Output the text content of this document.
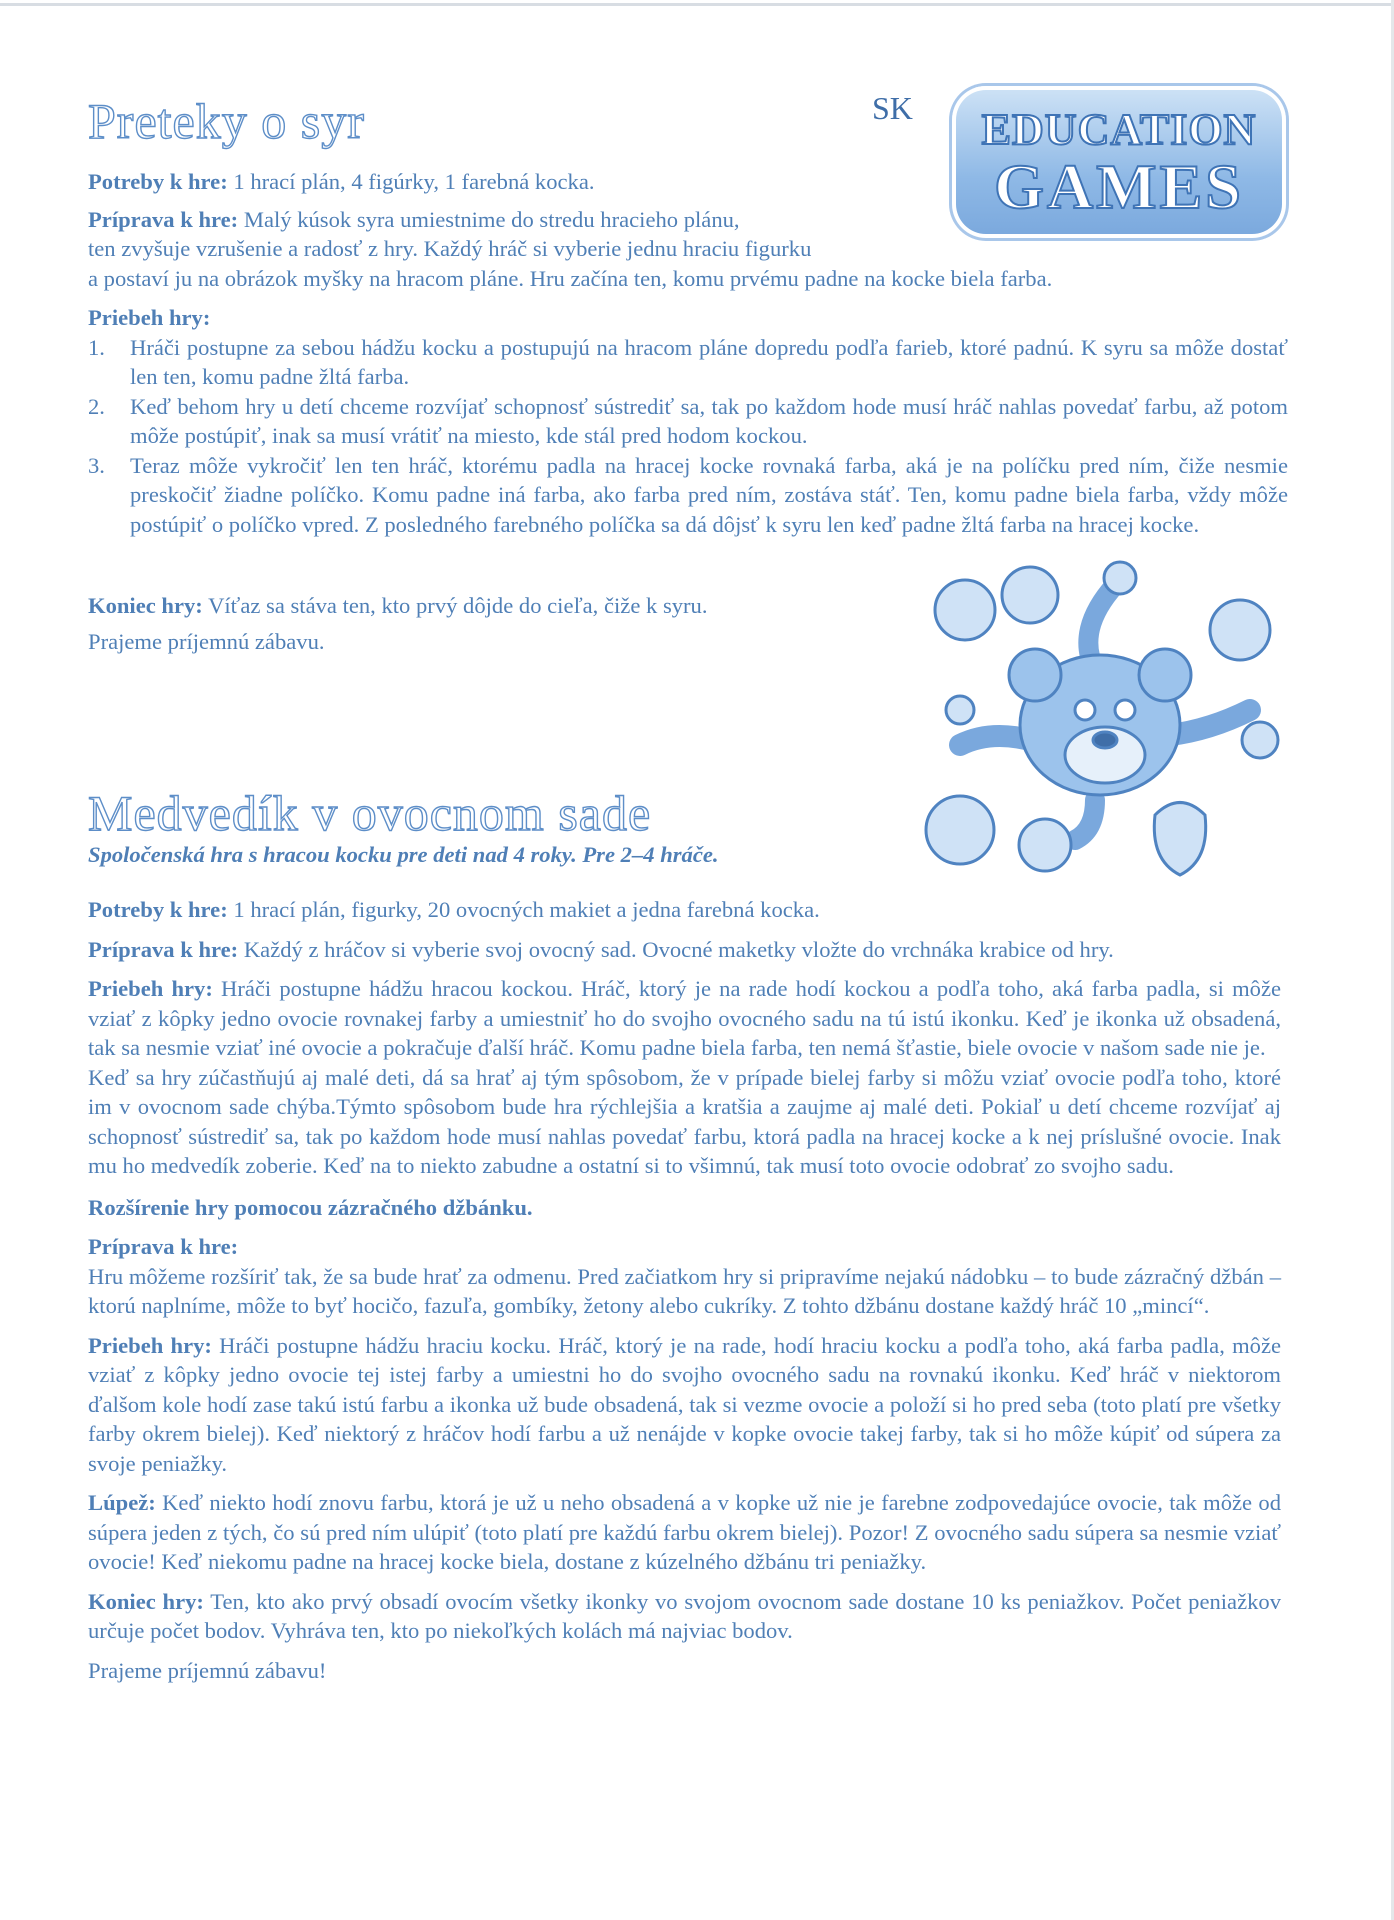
EDUCATION
GAMES
Preteky o syr	SK

Potreby k hre: 1 hrací plán, 4 figúrky, 1 farebná kocka.

Príprava k hre: Malý kúsok syra umiestnime do stredu hracieho plánu,

ten zvyšuje vzrušenie a radosť z hry. Každý hráč si vyberie jednu hraciu figurku

a postaví ju na obrázok myšky na hracom pláne. Hru začína ten, komu prvému padne na kocke biela farba.

Priebeh hry:

1. Hráči postupne za sebou hádžu kocku a postupujú na hracom pláne dopredu podľa farieb, ktoré padnú. K syru sa môže dostať len ten, komu padne žltá farba.
2. Keď behom hry u detí chceme rozvíjať schopnosť sústrediť sa, tak po každom hode musí hráč nahlas povedať farbu, až potom môže postúpiť, inak sa musí vrátiť na miesto, kde stál pred hodom kockou.
3. Teraz môže vykročiť len ten hráč, ktorému padla na hracej kocke rovnaká farba, aká je na políčku pred ním, čiže nesmie preskočiť žiadne políčko. Komu padne iná farba, ako farba pred ním, zostáva stáť. Ten, komu padne biela farba, vždy môže postúpiť o políčko vpred. Z posledného farebného políčka sa dá dôjsť k syru len keď padne žltá farba na hracej kocke.

Koniec hry: Víťaz sa stáva ten, kto prvý dôjde do cieľa, čiže k syru.

Prajeme príjemnú zábavu.

Medvedík v ovocnom sade

Spoločenská hra s hracou kocku pre deti nad 4 roky. Pre 2–4 hráče.

Potreby k hre: 1 hrací plán, figurky, 20 ovocných makiet a jedna farebná kocka.

Príprava k hre: Každý z hráčov si vyberie svoj ovocný sad. Ovocné maketky vložte do vrchnáka krabice od hry.

Priebeh hry: Hráči postupne hádžu hracou kockou. Hráč, ktorý je na rade hodí kockou a podľa toho, aká farba padla, si môže vziať z kôpky jedno ovocie rovnakej farby a umiestniť ho do svojho ovocného sadu na tú istú ikonku. Keď je ikonka už obsadená, tak sa nesmie vziať iné ovocie a pokračuje ďalší hráč. Komu padne biela farba, ten nemá šťastie, biele ovocie v našom sade nie je.

Keď sa hry zúčastňujú aj malé deti, dá sa hrať aj tým spôsobom, že v prípade bielej farby si môžu vziať ovocie podľa toho, ktoré im v ovocnom sade chýba.Týmto spôsobom bude hra rýchlejšia a kratšia a zaujme aj malé deti. Pokiaľ u detí chceme rozvíjať aj schopnosť sústrediť sa, tak po každom hode musí nahlas povedať farbu, ktorá padla na hracej kocke a k nej príslušné ovocie. Inak mu ho medvedík zoberie. Keď na to niekto zabudne a ostatní si to všimnú, tak musí toto ovocie odobrať zo svojho sadu.

Rozšírenie hry pomocou zázračného džbánku.

Príprava k hre:

Hru môžeme rozšíriť tak, že sa bude hrať za odmenu. Pred začiatkom hry si pripravíme nejakú nádobku – to bude zázračný džbán – ktorú naplníme, môže to byť hocičo, fazuľa, gombíky, žetony alebo cukríky. Z tohto džbánu dostane každý hráč 10 „mincí“.

Priebeh hry: Hráči postupne hádžu hraciu kocku. Hráč, ktorý je na rade, hodí hraciu kocku a podľa toho, aká farba padla, môže vziať z kôpky jedno ovocie tej istej farby a umiestni ho do svojho ovocného sadu na rovnakú ikonku. Keď hráč v niektorom ďalšom kole hodí zase takú istú farbu a ikonka už bude obsadená, tak si vezme ovocie a položí si ho pred seba (toto platí pre všetky farby okrem bielej). Keď niektorý z hráčov hodí farbu a už nenájde v kopke ovocie takej farby, tak si ho môže kúpiť od súpera za svoje peniažky.

Lúpež: Keď niekto hodí znovu farbu, ktorá je už u neho obsadená a v kopke už nie je farebne zodpovedajúce ovocie, tak môže od súpera jeden z tých, čo sú pred ním ulúpiť (toto platí pre každú farbu okrem bielej). Pozor! Z ovocného sadu súpera sa nesmie vziať ovocie! Keď niekomu padne na hracej kocke biela, dostane z kúzelného džbánu tri peniažky.

Koniec hry: Ten, kto ako prvý obsadí ovocím všetky ikonky vo svojom ovocnom sade dostane 10 ks peniažkov. Počet peniažkov určuje počet bodov. Vyhráva ten, kto po niekoľkých kolách má najviac bodov.

Prajeme príjemnú zábavu!
